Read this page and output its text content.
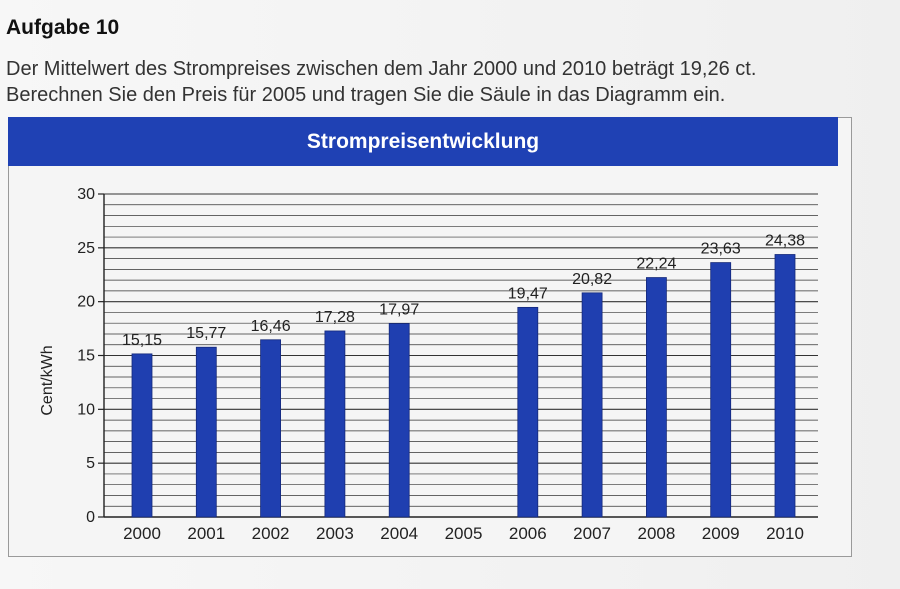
Aufgabe 10
Der Mittelwert des Strompreises zwischen dem Jahr 2000 und 2010 beträgt 19,26 ct.
Berechnen Sie den Preis für 2005 und tragen Sie die Säule in das Diagramm ein.
Strompreisentwicklung
0
5
10
15
20
25
30
Cent/kWh
15,15
2000
15,77
2001
16,46
2002
17,28
2003
17,97
2004 2005
19,47
2006
20,82
2007
22,24
2008
23,63
2009
24,38
2010
